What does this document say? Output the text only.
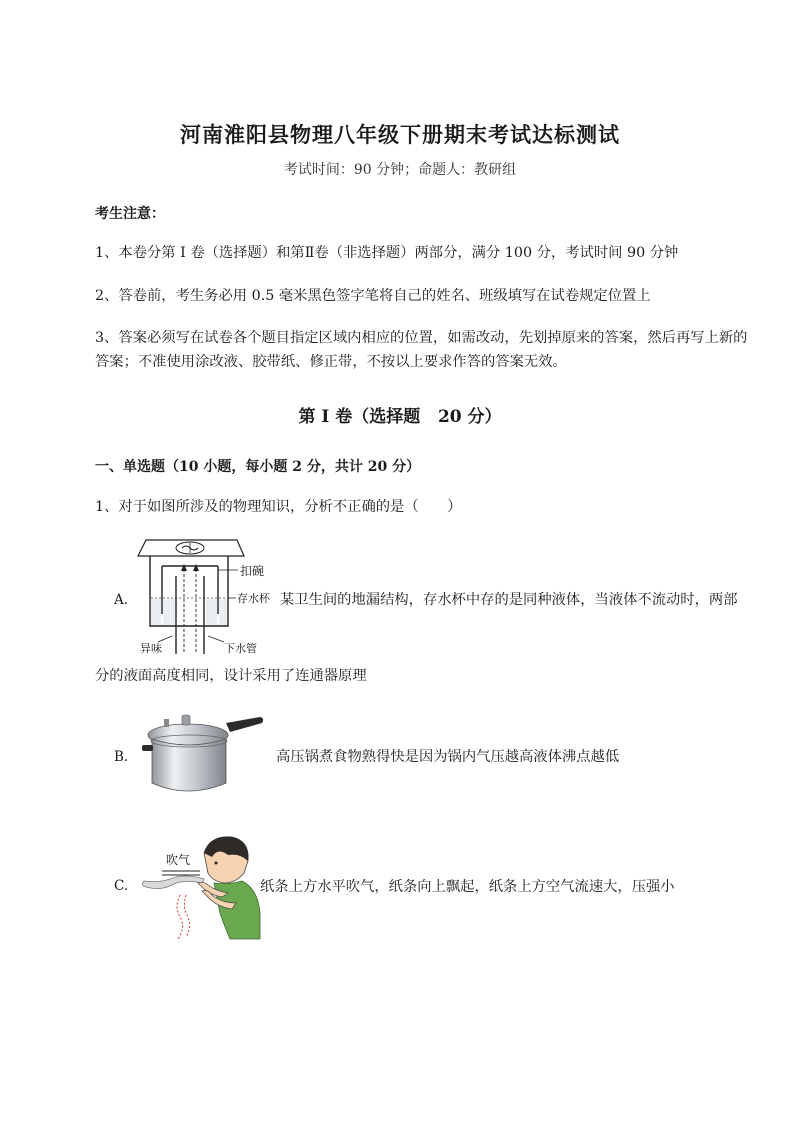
河南淮阳县物理八年级下册期末考试达标测试
考试时间：90 分钟；命题人：教研组
考生注意：
1、本卷分第 I 卷（选择题）和第Ⅱ卷（非选择题）两部分，满分 100 分，考试时间 90 分钟
2、答卷前，考生务必用 0.5 毫米黑色签字笔将自己的姓名、班级填写在试卷规定位置上
3、答案必须写在试卷各个题目指定区域内相应的位置，如需改动，先划掉原来的答案，然后再写上新的答案；不准使用涂改液、胶带纸、修正带，不按以上要求作答的答案无效。
第 I 卷（选择题   20 分）
一、单选题（10 小题，每小题 2 分，共计 20 分）
1、对于如图所涉及的物理知识，分析不正确的是（　　）
A.
扣碗
存水杯
异味	下水管
某卫生间的地漏结构，存水杯中存的是同种液体，当液体不流动时，两部
分的液面高度相同，设计采用了连通器原理
B.	高压锅煮食物熟得快是因为锅内气压越高液体沸点越低
C.
吹气
纸条上方水平吹气，纸条向上飘起，纸条上方空气流速大，压强小
